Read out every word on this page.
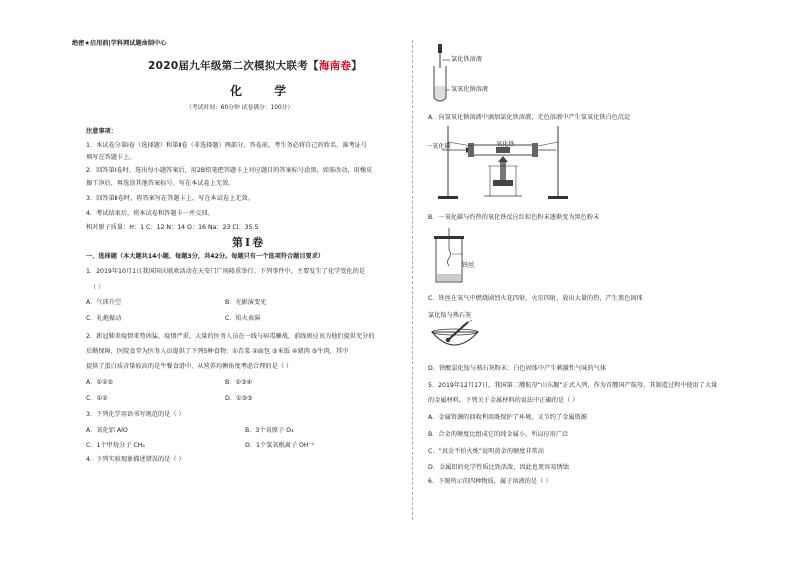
绝密★启用前|学科网试题命制中心
2020届九年级第二次模拟大联考【海南卷】
化 学
（考试时间：60分钟 试卷满分：100分）
注意事项：
1．本试卷分第Ⅰ卷（选择题）和第Ⅱ卷（非选择题）两部分。答卷前，考生务必将自己的姓名、准考证号
填写在答题卡上。
2．回答第Ⅰ卷时，选出每小题答案后，用2B铅笔把答题卡上对应题目的答案标号涂黑。如需改动，用橡皮
擦干净后，再选涂其他答案标号。写在本试卷上无效。
3．回答第Ⅱ卷时，将答案写在答题卡上。写在本试卷上无效。
4．考试结束后，将本试卷和答题卡一并交回。
相对原子质量：H：1 C：12 N：14 O：16 Na：23 Cl：35.5
第Ⅰ卷
一、选择题（本大题共14小题，每题3分，共42分。每题只有一个选项符合题目要求）
1．2019年10月1日我国国庆联欢活动在天安门广场隆重举行。下列事件中，主要发生了化学变化的是
（ ）
A．气球升空	B．光影演变光
C．礼炮振动	C．焰火表演
2．新冠肺炎疫情来势凶猛，疫情严重，大量的医务人员在一线与病毒鏖战，前线则应该为他们提供充分的
后勤保障，医院食堂为医务人员提供了下列5种食物：①青菜 ②面包 ③米饭 ④猪肉 ⑤牛肉，其中
提供了蛋白质含量较高的是牛餐食谱中，从营养均衡角度考虑合理的是（ ）
A．①②⑤	B．①③④
C．①②	D．①③⑤
3．下列化学用语书写规范的是（ ）
A．氧化铝 AlO	B．3个氧原子 O₃
C．1个甲烷分子 CH₄	D．1个氢氧根离子 OH⁻¹
4．下列实验现象描述错误的是（ ）
氯化铁溶液
氢氧化钠溶液
A．向氢氧化钠溶液中滴加氯化铁溶液，无色溶液中产生氢氧化铁白色沉淀
一氧化碳	氧化铁
B．一氧化碳与灼热的氧化铁反应红棕色粉末逐渐变为黑色粉末
铁丝
C．铁丝在氧气中燃烧剧烈火花四射、火星四射，放出大量的热，产生黑色固体
氯化铵与熟石灰
D．铁酸氯化铵与熟石灰粉末：白色固体中产生刺激性气味的气体
5．2019年12月17日，我国第二艘航母“山东舰”正式入列，作为首艘国产航母，其制造过程中使用了大量
的金属材料，下列关于金属材料的说法中正确的是（ ）
A．金属资源的回收利用既保护了环境，又节约了金属资源
B．合金的硬度比组成它的纯金属小，所以应用广泛
C．“真金不怕火炼”说明黄金的硬度非常高
D．金属铝的化学性质比铁活泼，因此也更容易锈蚀
6．下图所示的四种物质，属于溶液的是（ ）
